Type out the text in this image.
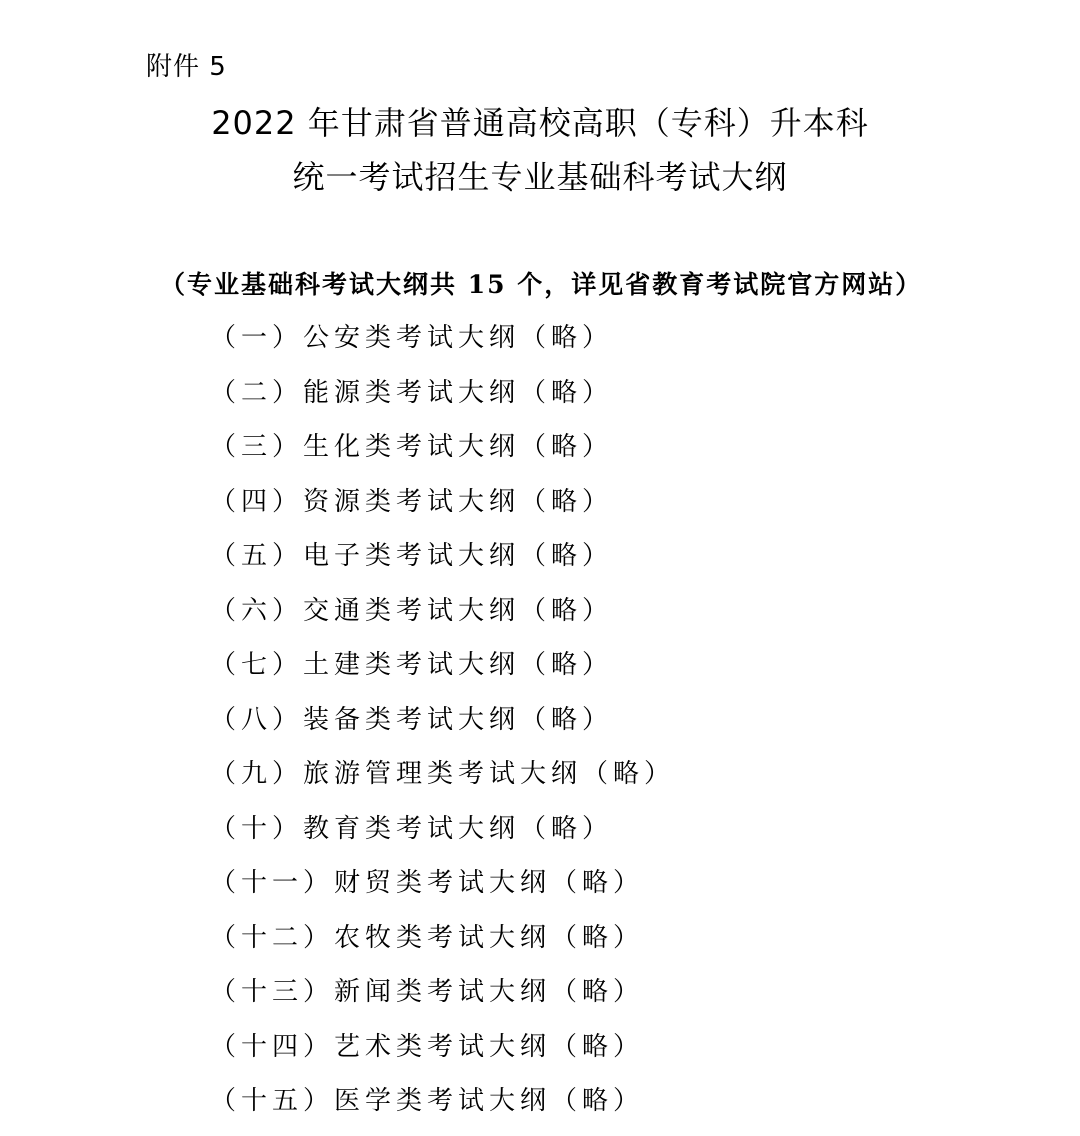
附件 5
2022 年甘肃省普通高校高职（专科）升本科
统一考试招生专业基础科考试大纲
（专业基础科考试大纲共 15 个，详见省教育考试院官方网站）
（一）公安类考试大纲（略）
（二）能源类考试大纲（略）
（三）生化类考试大纲（略）
（四）资源类考试大纲（略）
（五）电子类考试大纲（略）
（六）交通类考试大纲（略）
（七）土建类考试大纲（略）
（八）装备类考试大纲（略）
（九）旅游管理类考试大纲（略）
（十）教育类考试大纲（略）
（十一）财贸类考试大纲（略）
（十二）农牧类考试大纲（略）
（十三）新闻类考试大纲（略）
（十四）艺术类考试大纲（略）
（十五）医学类考试大纲（略）
